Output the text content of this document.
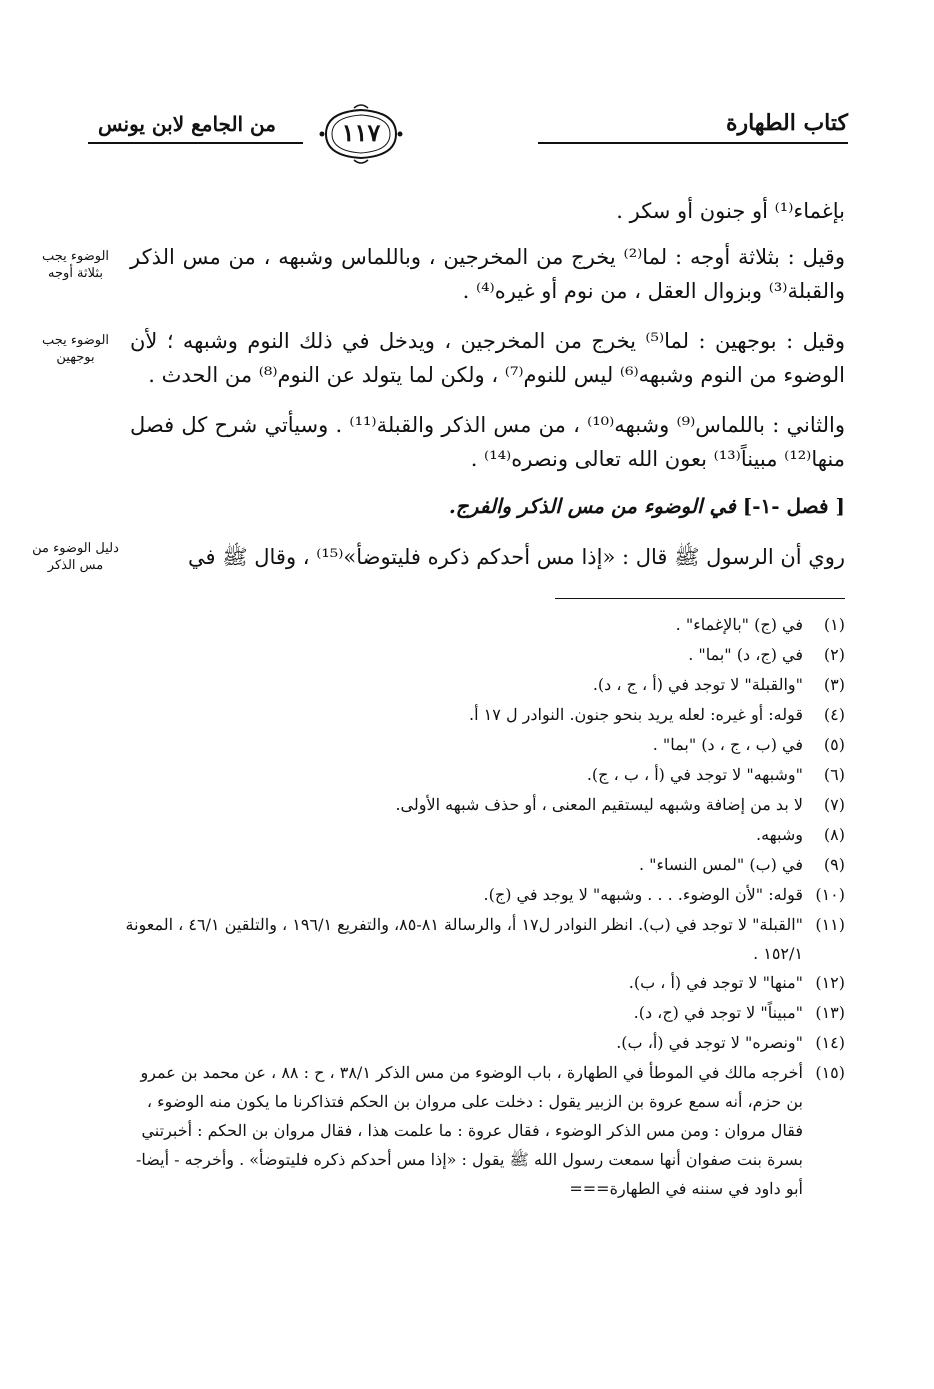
كتاب الطهارة
١١٧
من الجامع لابن يونس

بإغماء⁽¹⁾ أو جنون أو سكر .

وقيل : بثلاثة أوجه : لما⁽²⁾ يخرج من المخرجين ، وباللماس وشبهه ، من مس الذكر والقبلة⁽³⁾ وبزوال العقل ، من نوم أو غيره⁽⁴⁾ .

وقيل : بوجهين : لما⁽⁵⁾ يخرج من المخرجين ، ويدخل في ذلك النوم وشبهه ؛ لأن الوضوء من النوم وشبهه⁽⁶⁾ ليس للنوم⁽⁷⁾ ، ولكن لما يتولد عن النوم⁽⁸⁾ من الحدث .

والثاني : باللماس⁽⁹⁾ وشبهه⁽¹⁰⁾ ، من مس الذكر والقبلة⁽¹¹⁾ . وسيأتي شرح كل فصل منها⁽¹²⁾ مبيناً⁽¹³⁾ بعون الله تعالى ونصره⁽¹⁴⁾ .

[ فصل -١-] في الوضوء من مس الذكر والفرج.

روي أن الرسول ﷺ قال : «إذا مس أحدكم ذكره فليتوضأ»⁽¹⁵⁾ ، وقال ﷺ في

الوضوء يجب بثلاثة أوجه
الوضوء يجب بوجهين
دليل الوضوء من مس الذكر
(١)
في (ج) "بالإغماء" .
(٢)
في (ج، د) "بما" .
(٣)
"والقبلة" لا توجد في (أ ، ج ، د).
(٤)
قوله: أو غيره: لعله يريد بنحو جنون. النوادر ل ١٧ أ.
(٥)
في (ب ، ج ، د) "بما" .
(٦)
"وشبهه" لا توجد في (أ ، ب ، ج).
(٧)
لا بد من إضافة وشبهه ليستقيم المعنى ، أو حذف شبهه الأولى.
(٨)
وشبهه.
(٩)
في (ب) "لمس النساء" .
(١٠)
قوله: "لأن الوضوء. . . . وشبهه" لا يوجد في (ج).
(١١)
"القبلة" لا توجد في (ب). انظر النوادر ل١٧ أ، والرسالة ٨١-٨٥، والتفريع ١٩٦/١ ، والتلقين ٤٦/١ ، المعونة ١٥٢/١ .
(١٢)
"منها" لا توجد في (أ ، ب).
(١٣)
"مبيناً" لا توجد في (ج، د).
(١٤)
"ونصره" لا توجد في (أ، ب).
(١٥)
أخرجه مالك في الموطأ في الطهارة ، باب الوضوء من مس الذكر ٣٨/١ ، ح : ٨٨ ، عن محمد بن عمرو بن حزم، أنه سمع عروة بن الزبير يقول : دخلت على مروان بن الحكم فتذاكرنا ما يكون منه الوضوء ، فقال مروان : ومن مس الذكر الوضوء ، فقال عروة : ما علمت هذا ، فقال مروان بن الحكم : أخبرتني بسرة بنت صفوان أنها سمعت رسول الله ﷺ يقول : «إذا مس أحدكم ذكره فليتوضأ» . وأخرجه - أيضا- أبو داود في سننه في الطهارة===
